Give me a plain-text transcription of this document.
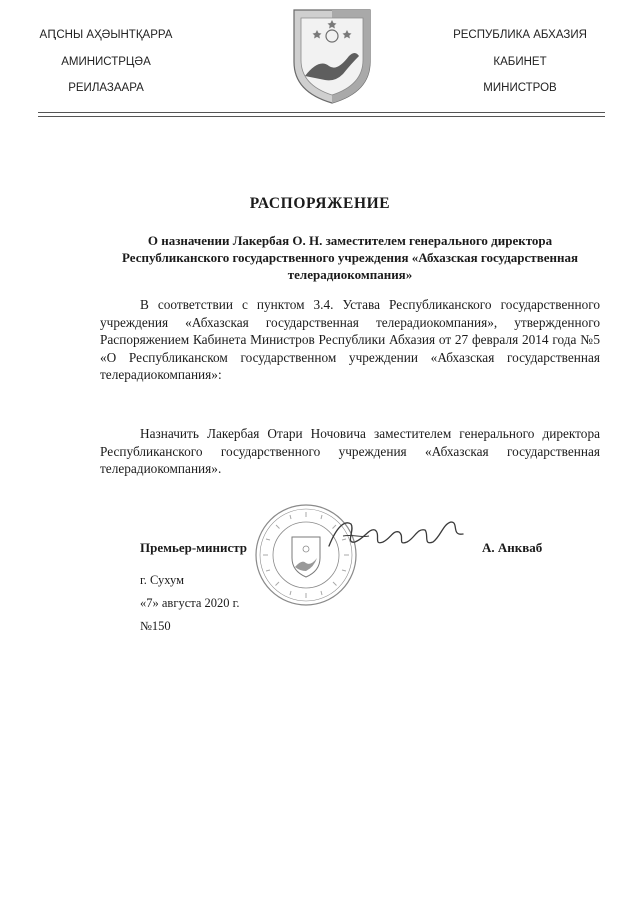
АԤСНЫ АҲӘЫНТҚАРРА
АМИНИСТРЦӘА
РЕИЛАЗААРА
РЕСПУБЛИКА АБХАЗИЯ
КАБИНЕТ
МИНИСТРОВ
РАСПОРЯЖЕНИЕ
О назначении Лакербая О. Н. заместителем генерального директора Республиканского государственного учреждения «Абхазская государственная телерадиокомпания»

В соответствии с пунктом 3.4. Устава Республиканского государственного учреждения «Абхазская государственная телерадиокомпания», утвержденного Распоряжением Кабинета Министров Республики Абхазия от 27 февраля 2014 года №5 «О Республиканском государственном учреждении «Абхазская государственная телерадиокомпания»:

Назначить Лакербая Отари Ночовича заместителем генерального директора Республиканского государственного учреждения «Абхазская государственная телерадиокомпания».

Премьер-министр	А. Анкваб
г. Сухум
«7» августа 2020 г.
№150
